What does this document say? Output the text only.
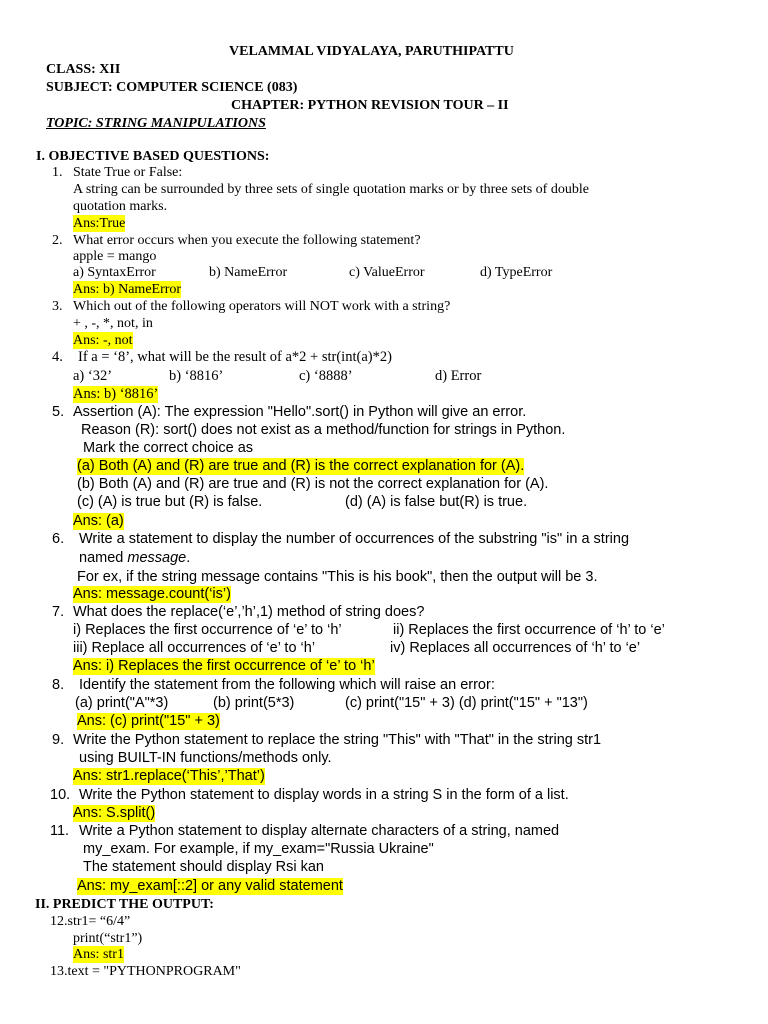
VELAMMAL VIDYALAYA, PARUTHIPATTU
CLASS: XII
SUBJECT: COMPUTER SCIENCE (083)
CHAPTER: PYTHON REVISION TOUR – II
TOPIC: STRING MANIPULATIONS
I. OBJECTIVE BASED QUESTIONS:
1. State True or False:
A string can be surrounded by three sets of single quotation marks or by three sets of double
quotation marks.
Ans:True
2. What error occurs when you execute the following statement?
apple = mango
a) SyntaxError	b) NameError	c) ValueError	d) TypeError
Ans: b) NameError
3. Which out of the following operators will NOT work with a string?
+ , -, *, not, in
Ans: -, not
4. If a = ‘8’, what will be the result of a*2 + str(int(a)*2)
a) ‘32’	b) ‘8816’	c) ‘8888’	d) Error
Ans: b) ‘8816’
5. Assertion (A): The expression "Hello".sort() in Python will give an error.
Reason (R): sort() does not exist as a method/function for strings in Python.
Mark the correct choice as
(a) Both (A) and (R) are true and (R) is the correct explanation for (A).
(b) Both (A) and (R) are true and (R) is not the correct explanation for (A).
(c) (A) is true but (R) is false.	(d) (A) is false but(R) is true.
Ans: (a)
6. Write a statement to display the number of occurrences of the substring "is" in a string
named message.
For ex, if the string message contains "This is his book", then the output will be 3.
Ans: message.count(‘is’)
7. What does the replace(‘e’,’h’,1) method of string does?
i) Replaces the first occurrence of ‘e’ to ‘h’	ii) Replaces the first occurrence of ‘h’ to ‘e’
iii) Replace all occurrences of ‘e’ to ‘h’	iv) Replaces all occurrences of ‘h’ to ‘e’
Ans: i) Replaces the first occurrence of ‘e’ to ‘h’
8. Identify the statement from the following which will raise an error:
(a) print("A"*3)	(b) print(5*3)	(c) print("15" + 3) (d) print("15" + "13")
Ans: (c) print("15" + 3)
9. Write the Python statement to replace the string "This" with "That" in the string str1
using BUILT-IN functions/methods only.
Ans: str1.replace(‘This’,’That’)
10. Write the Python statement to display words in a string S in the form of a list.
Ans: S.split()
11. Write a Python statement to display alternate characters of a string, named
my_exam. For example, if my_exam="Russia Ukraine"
The statement should display Rsi kan
Ans: my_exam[::2] or any valid statement
II. PREDICT THE OUTPUT:
12.str1= “6/4”
print(“str1”)
Ans: str1
13.text = "PYTHONPROGRAM"
